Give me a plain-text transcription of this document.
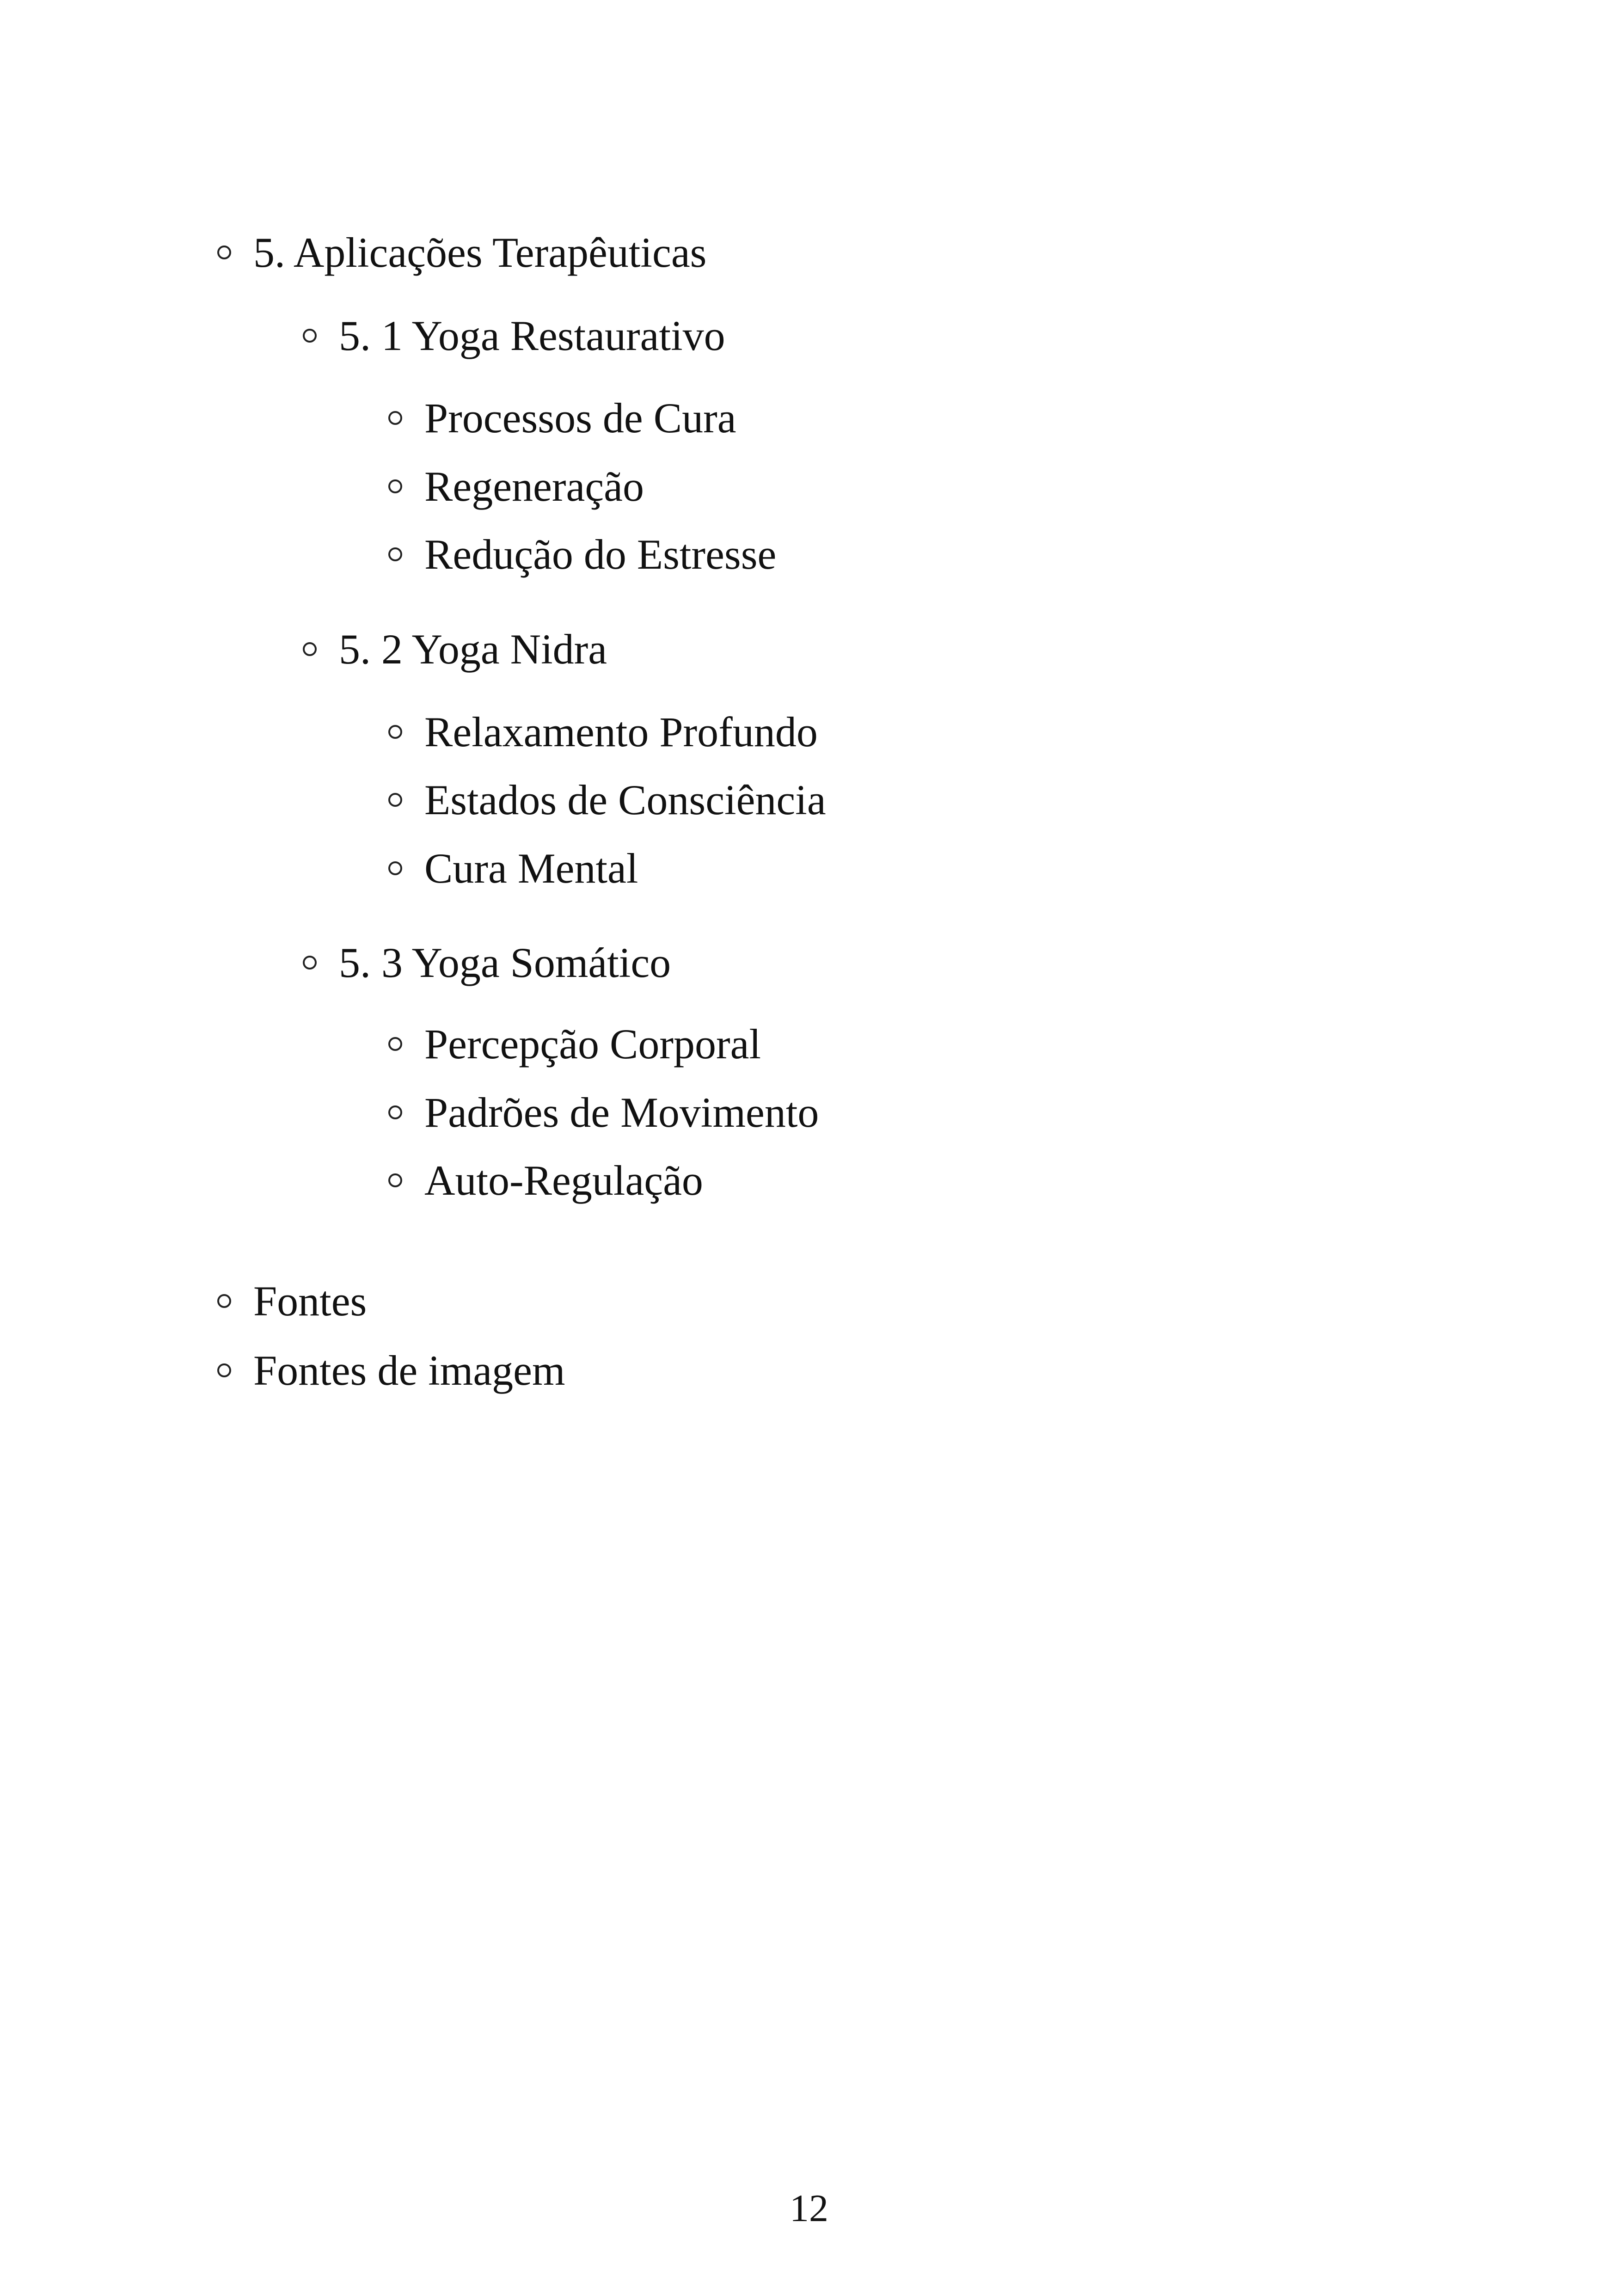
5. Aplicações Terapêuticas
5. 1 Yoga Restaurativo
Processos de Cura
Regeneração
Redução do Estresse
5. 2 Yoga Nidra
Relaxamento Profundo
Estados de Consciência
Cura Mental
5. 3 Yoga Somático
Percepção Corporal
Padrões de Movimento
Auto-Regulação
Fontes
Fontes de imagem
12
